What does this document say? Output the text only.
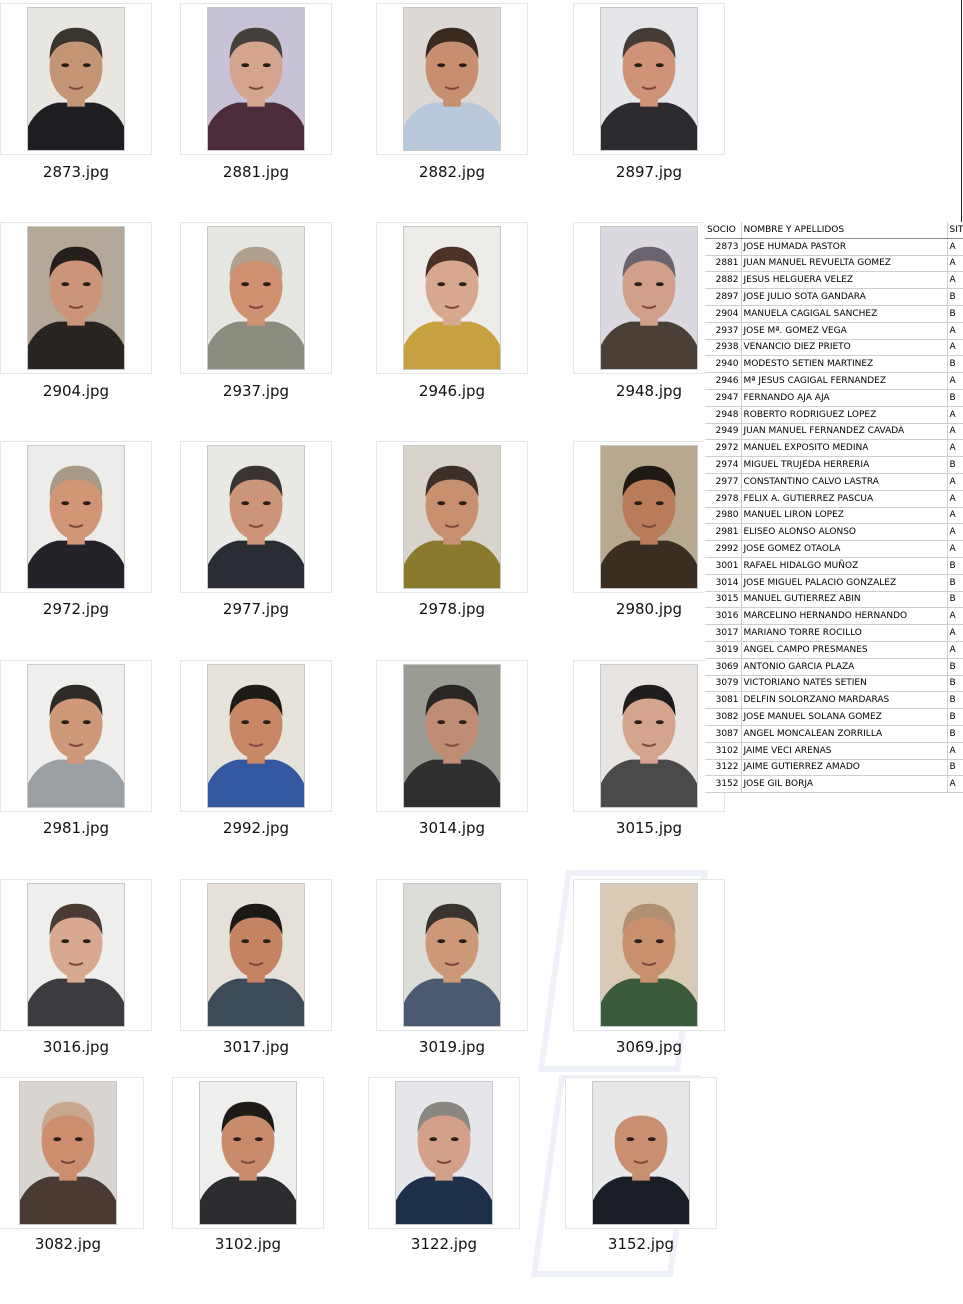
2873.jpg	2881.jpg	2882.jpg	2897.jpg
2904.jpg	2937.jpg	2946.jpg	2948.jpg
2972.jpg	2977.jpg	2978.jpg	2980.jpg
2981.jpg	2992.jpg	3014.jpg	3015.jpg
3016.jpg	3017.jpg	3019.jpg	3069.jpg
3082.jpg	3102.jpg	3122.jpg	3152.jpg
SOCIO	NOMBRE Y APELLIDOS	SIT
2873	JOSE HUMADA PASTOR	A
2881	JUAN MANUEL REVUELTA GOMEZ	A
2882	JESUS HELGUERA VELEZ	A
2897	JOSE JULIO SOTA GANDARA	B
2904	MANUELA CAGIGAL SANCHEZ	B
2937	JOSE Mª. GOMEZ VEGA	A
2938	VENANCIO DIEZ PRIETO	A
2940	MODESTO SETIEN MARTINEZ	B
2946	Mª JESUS CAGIGAL FERNANDEZ	A
2947	FERNANDO AJA AJA	B
2948	ROBERTO RODRIGUEZ LOPEZ	A
2949	JUAN MANUEL FERNANDEZ CAVADA	A
2972	MANUEL EXPOSITO MEDINA	A
2974	MIGUEL TRUJEDA HERRERIA	B
2977	CONSTANTINO CALVO LASTRA	A
2978	FELIX A. GUTIERREZ PASCUA	A
2980	MANUEL LIRON LOPEZ	A
2981	ELISEO ALONSO ALONSO	A
2992	JOSE GOMEZ OTAOLA	A
3001	RAFAEL HIDALGO MUÑOZ	B
3014	JOSE MIGUEL PALACIO GONZALEZ	B
3015	MANUEL GUTIERREZ ABIN	B
3016	MARCELINO HERNANDO HERNANDO	A
3017	MARIANO TORRE ROCILLO	A
3019	ANGEL CAMPO PRESMANES	A
3069	ANTONIO GARCIA PLAZA	B
3079	VICTORIANO NATES SETIEN	B
3081	DELFIN SOLORZANO MARDARAS	B
3082	JOSE MANUEL SOLANA GOMEZ	B
3087	ANGEL MONCALEAN ZORRILLA	B
3102	JAIME VECI ARENAS	A
3122	JAIME GUTIERREZ AMADO	B
3152	JOSE GIL BORJA	A
